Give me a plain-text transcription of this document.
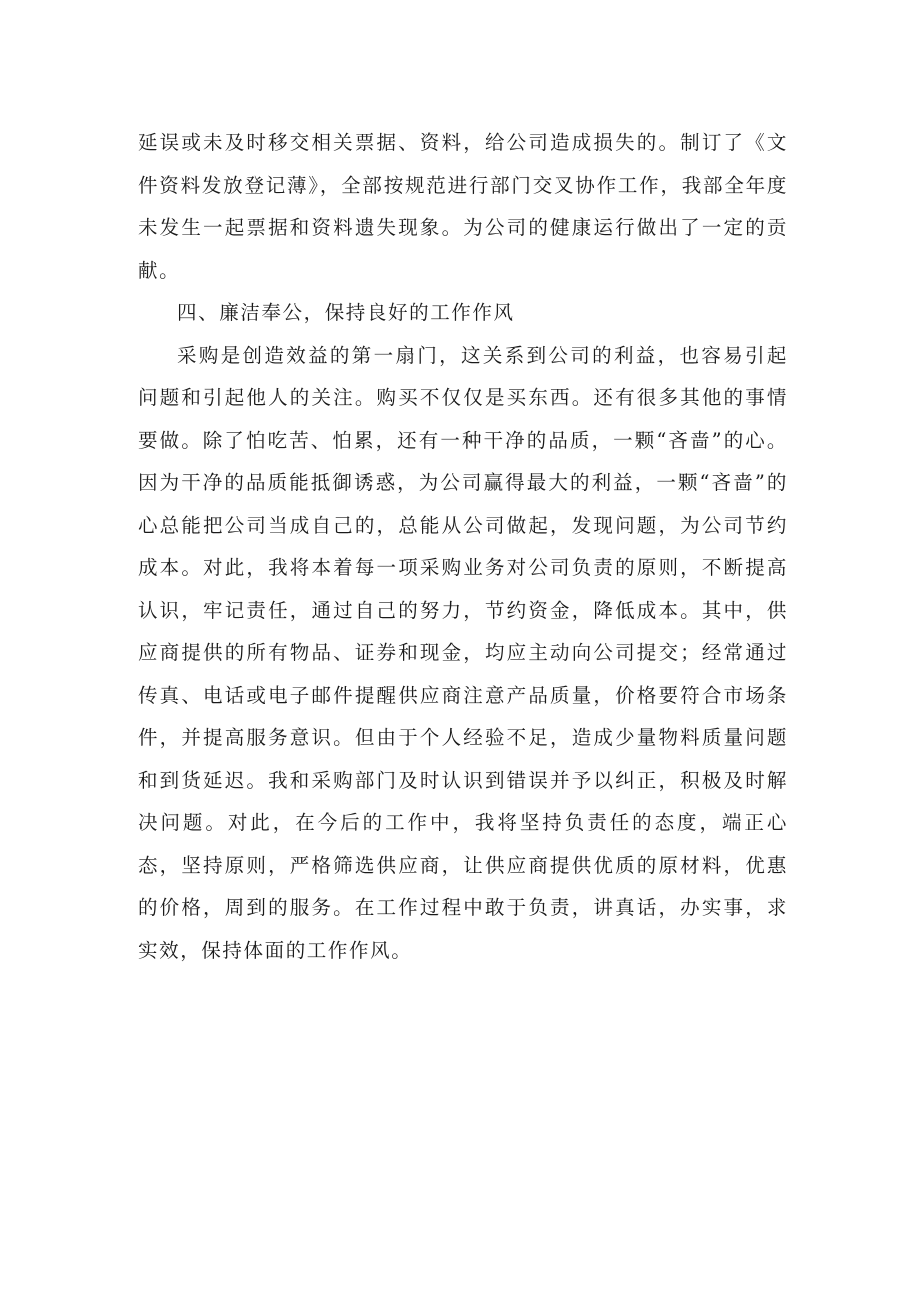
延误或未及时移交相关票据、资料，给公司造成损失的。制订了《文件资料发放登记薄》，全部按规范进行部门交叉协作工作，我部全年度未发生一起票据和资料遗失现象。为公司的健康运行做出了一定的贡献。

四、廉洁奉公，保持良好的工作作风

采购是创造效益的第一扇门，这关系到公司的利益，也容易引起问题和引起他人的关注。购买不仅仅是买东西。还有很多其他的事情要做。除了怕吃苦、怕累，还有一种干净的品质，一颗“吝啬”的心。因为干净的品质能抵御诱惑，为公司赢得最大的利益，一颗“吝啬”的心总能把公司当成自己的，总能从公司做起，发现问题，为公司节约成本。对此，我将本着每一项采购业务对公司负责的原则，不断提高认识，牢记责任，通过自己的努力，节约资金，降低成本。其中，供应商提供的所有物品、证券和现金，均应主动向公司提交；经常通过传真、电话或电子邮件提醒供应商注意产品质量，价格要符合市场条件，并提高服务意识。但由于个人经验不足，造成少量物料质量问题和到货延迟。我和采购部门及时认识到错误并予以纠正，积极及时解决问题。对此，在今后的工作中，我将坚持负责任的态度，端正心态，坚持原则，严格筛选供应商，让供应商提供优质的原材料，优惠的价格，周到的服务。在工作过程中敢于负责，讲真话，办实事，求实效，保持体面的工作作风。
